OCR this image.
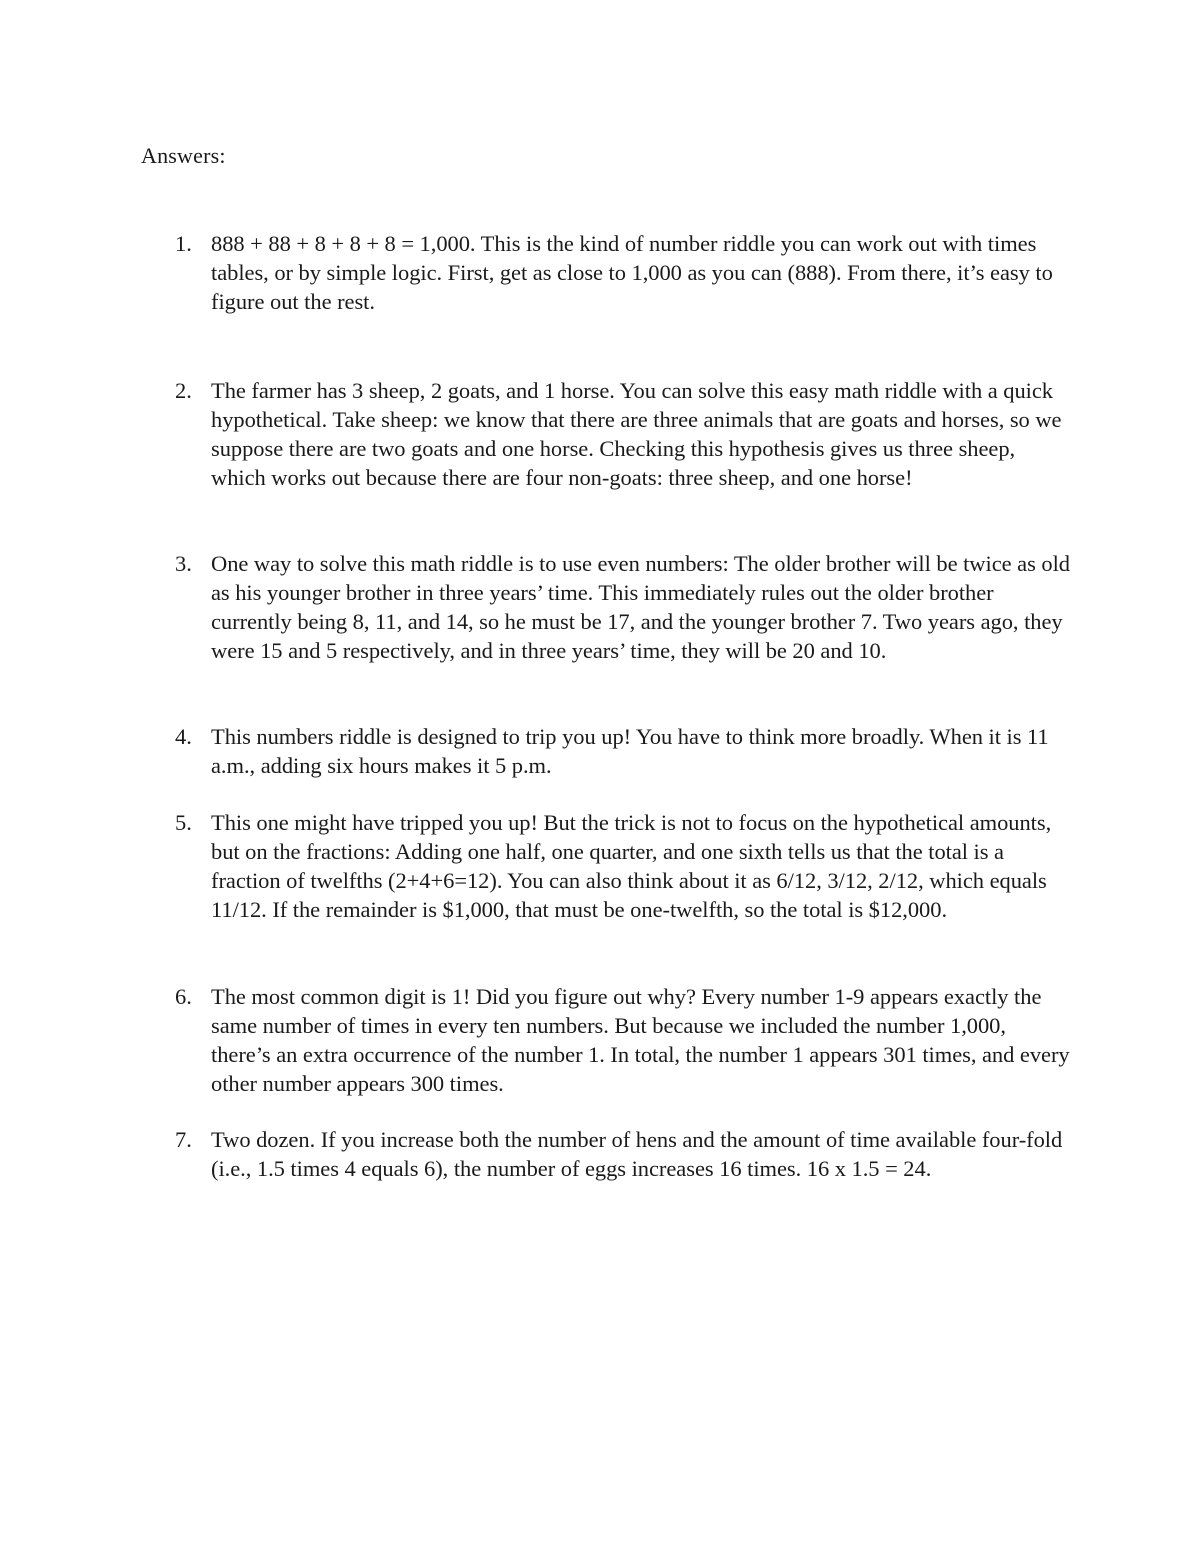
Answers:
1. 888 + 88 + 8 + 8 + 8 = 1,000. This is the kind of number riddle you can work out with times tables, or by simple logic. First, get as close to 1,000 as you can (888). From there, it’s easy to figure out the rest.
2. The farmer has 3 sheep, 2 goats, and 1 horse. You can solve this easy math riddle with a quick hypothetical. Take sheep: we know that there are three animals that are goats and horses, so we suppose there are two goats and one horse. Checking this hypothesis gives us three sheep, which works out because there are four non-goats: three sheep, and one horse!
3. One way to solve this math riddle is to use even numbers: The older brother will be twice as old as his younger brother in three years’ time. This immediately rules out the older brother currently being 8, 11, and 14, so he must be 17, and the younger brother 7. Two years ago, they were 15 and 5 respectively, and in three years’ time, they will be 20 and 10.
4. This numbers riddle is designed to trip you up! You have to think more broadly. When it is 11 a.m., adding six hours makes it 5 p.m.
5. This one might have tripped you up! But the trick is not to focus on the hypothetical amounts, but on the fractions: Adding one half, one quarter, and one sixth tells us that the total is a fraction of twelfths (2+4+6=12). You can also think about it as 6/12, 3/12, 2/12, which equals 11/12. If the remainder is $1,000, that must be one-twelfth, so the total is $12,000.
6. The most common digit is 1! Did you figure out why? Every number 1-9 appears exactly the same number of times in every ten numbers. But because we included the number 1,000, there’s an extra occurrence of the number 1. In total, the number 1 appears 301 times, and every other number appears 300 times.
7. Two dozen. If you increase both the number of hens and the amount of time available four-fold (i.e., 1.5 times 4 equals 6), the number of eggs increases 16 times. 16 x 1.5 = 24.
